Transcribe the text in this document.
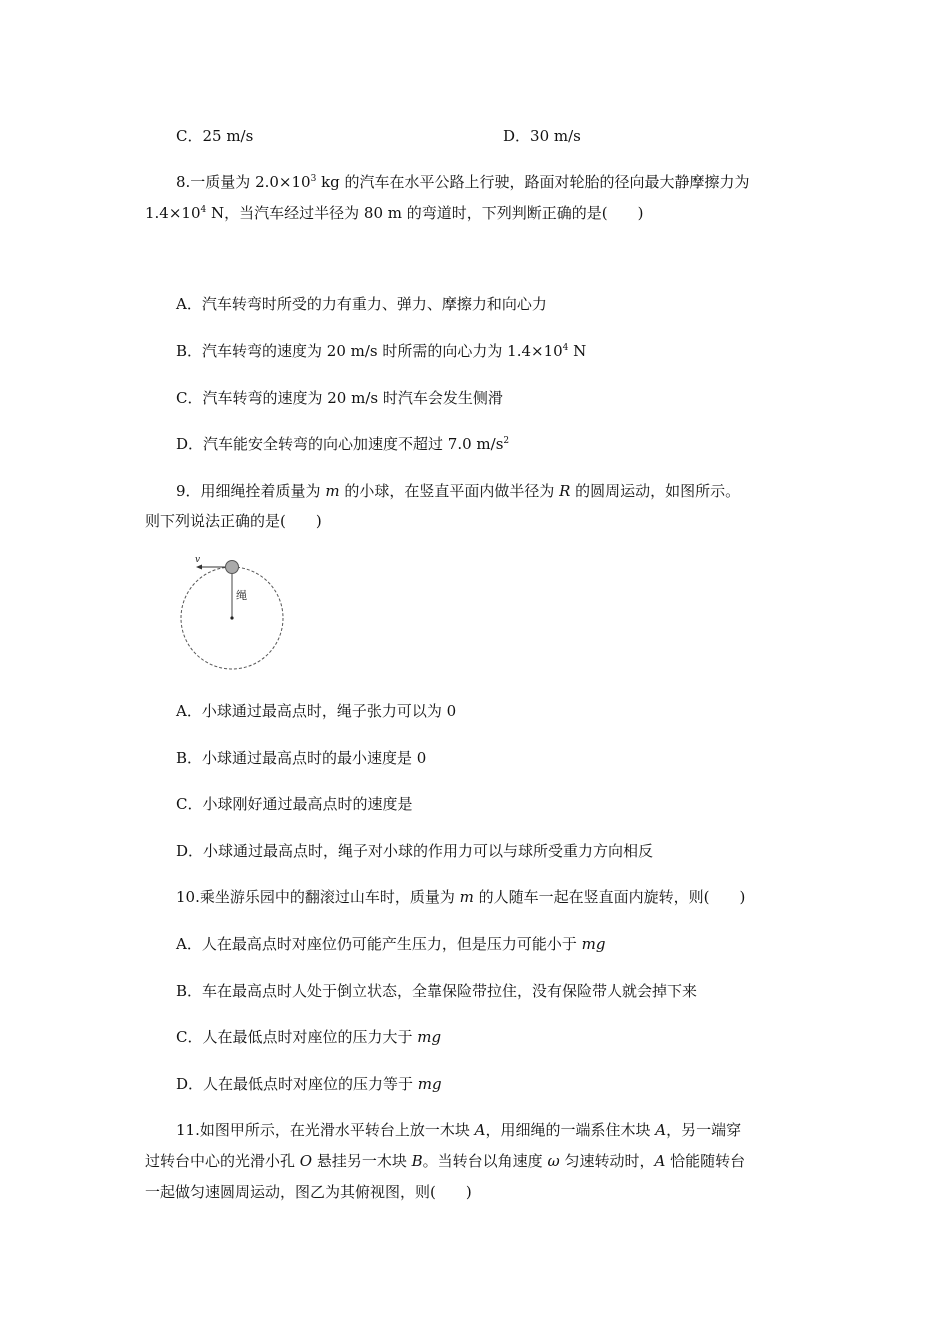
C．25 m/s	D．30 m/s
8.一质量为 $2.0\times 10^3$ kg 的汽车在水平公路上行驶，路面对轮胎的径向最大静摩擦力为
$1.4\times 10^4$ N，当汽车经过半径为 80 m 的弯道时，下列判断正确的是(　　)
A．汽车转弯时所受的力有重力、弹力、摩擦力和向心力
B．汽车转弯的速度为 20 m/s 时所需的向心力为 $1.4\times 10^4$ N
C．汽车转弯的速度为 20 m/s 时汽车会发生侧滑
D．汽车能安全转弯的向心加速度不超过 7.0 $m/s^2$
9．用细绳拴着质量为 m 的小球，在竖直平面内做半径为 R 的圆周运动，如图所示。
则下列说法正确的是(　　)
v
绳
A．小球通过最高点时，绳子张力可以为 0
B．小球通过最高点时的最小速度是 0
C．小球刚好通过最高点时的速度是
D．小球通过最高点时，绳子对小球的作用力可以与球所受重力方向相反
10.乘坐游乐园中的翻滚过山车时，质量为 m 的人随车一起在竖直面内旋转，则(　　)
A．人在最高点时对座位仍可能产生压力，但是压力可能小于 mg
B．车在最高点时人处于倒立状态，全靠保险带拉住，没有保险带人就会掉下来
C．人在最低点时对座位的压力大于 mg
D．人在最低点时对座位的压力等于 mg
11.如图甲所示，在光滑水平转台上放一木块 A，用细绳的一端系住木块 A，另一端穿
过转台中心的光滑小孔 O 悬挂另一木块 B。当转台以角速度 ω 匀速转动时，A 恰能随转台
一起做匀速圆周运动，图乙为其俯视图，则(　　)
